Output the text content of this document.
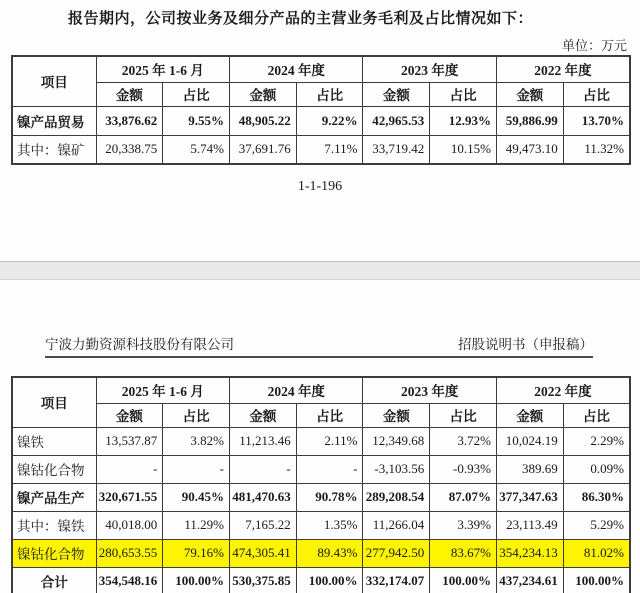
报告期内，公司按业务及细分产品的主营业务毛利及占比情况如下：
单位：万元
项目	2025 年 1-6 月		2024 年度		2023 年度		2022 年度	
	金额	占比	金额	占比	金额	占比	金额	占比
镍产品贸易	33,876.62	9.55%	48,905.22	9.22%	42,965.53	12.93%	59,886.99	13.70%
其中：镍矿	20,338.75	5.74%	37,691.76	7.11%	33,719.42	10.15%	49,473.10	11.32%
1-1-196
宁波力勤资源科技股份有限公司	招股说明书（申报稿）
项目	2025 年 1-6 月		2024 年度		2023 年度		2022 年度	
	金额	占比	金额	占比	金额	占比	金额	占比
镍铁	13,537.87	3.82%	11,213.46	2.11%	12,349.68	3.72%	10,024.19	2.29%
镍钴化合物	-	-	-	-	-3,103.56	-0.93%	389.69	0.09%
镍产品生产	320,671.55	90.45%	481,470.63	90.78%	289,208.54	87.07%	377,347.63	86.30%
其中：镍铁	40,018.00	11.29%	7,165.22	1.35%	11,266.04	3.39%	23,113.49	5.29%
镍钴化合物	280,653.55	79.16%	474,305.41	89.43%	277,942.50	83.67%	354,234.13	81.02%
合计	354,548.16	100.00%	530,375.85	100.00%	332,174.07	100.00%	437,234.61	100.00%
